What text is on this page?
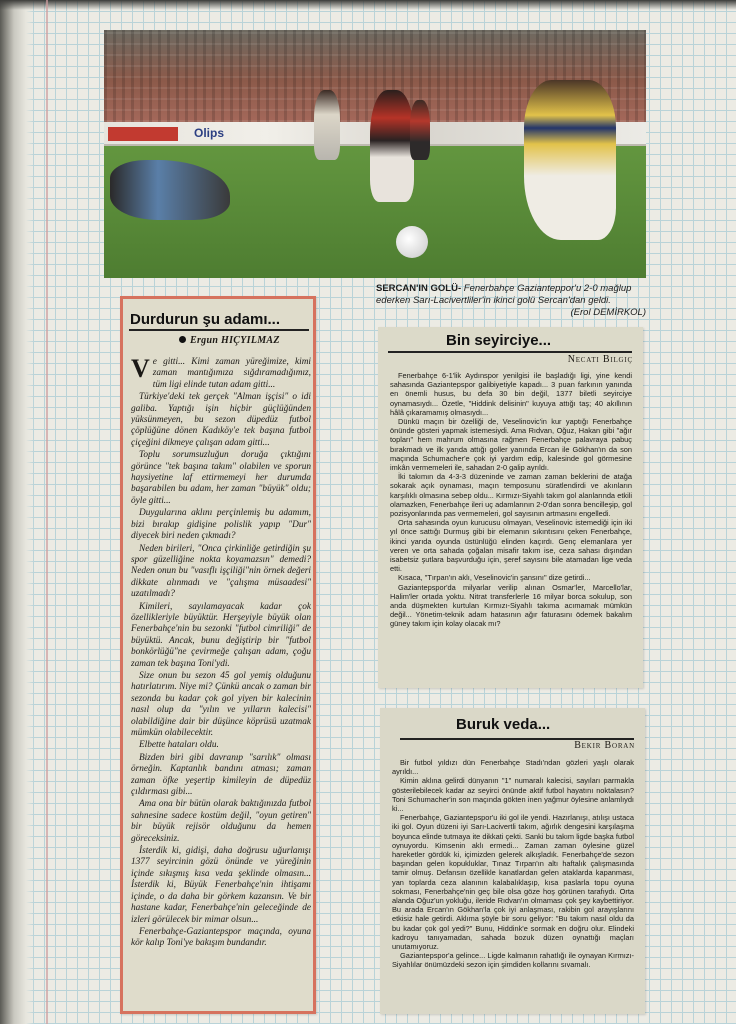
Olips
SERCAN'IN GOLÜ- Fenerbahçe Gazianteppor'u 2-0 mağlup ederken Sarı-Lacivertliler'in ikinci golü Sercan'dan geldi.
(Erol DEMİRKOL)
Durdurun şu adamı...
Ergun HIÇYILMAZ

Ve gitti... Kimi zaman yüreğimize, kimi zaman mantığımıza sığdıramadığımız, tüm ligi elinde tutan adam gitti...

Türkiye'deki tek gerçek "Alman işçisi" o idi galiba. Yaptığı işin hiçbir güçlüğünden yüksünmeyen, bu sezon düpedüz futbol çöplüğüne dönen Kadıköy'e tek başına futbol çiçeğini dikmeye çalışan adam gitti...

Toplu sorumsuzluğun doruğa çıktığını görünce "tek başına takım" olabilen ve sporun haysiyetine laf ettirmemeyi her durumda başarabilen bu adam, her zaman "büyük" oldu; öyle gitti...

Duygularına aklını perçinlemiş bu adamım, bizi bırakıp gidişine polislik yapıp "Dur" diyecek biri neden çıkmadı?

Neden birileri, "Onca çirkinliğe getirdiğin şu spor güzelliğine nokta koyamazsın" demedi? Neden onun bu "vasıflı işçiliği"nin örnek değeri dikkate alınmadı ve "çalışma müsaadesi" uzatılmadı?

Kimileri, sayılamayacak kadar çok özellikleriyle büyüktür. Herşeyiyle büyük olan Fenerbahçe'nin bu sezonki "futbol cimriliği" de büyüktü. Ancak, bunu değiştirip bir "futbol bonkörlüğü"ne çevirmeğe çalışan adam, çoğu zaman tek başına Toni'ydi.

Size onun bu sezon 45 gol yemiş olduğunu hatırlatırım. Niye mi? Çünkü ancak o zaman bir sezonda bu kadar çok gol yiyen bir kalecinin nasıl olup da "yılın ve yılların kalecisi" olabildiğine dair bir düşünce köprüsü uzatmak mümkün olabilecektir.

Elbette hataları oldu.

Bizden biri gibi davranıp "sarılık" olması örneğin. Kaptanlık bandını atması; zaman zaman öfke yeşertip kimileyin de düpedüz çıldırması gibi...

Ama ona bir bütün olarak baktığınızda futbol sahnesine sadece kostüm değil, "oyun getiren" bir büyük rejisör olduğunu da hemen göreceksiniz.

İsterdik ki, gidişi, daha doğrusu uğurlanışı 1377 seyircinin gözü önünde ve yüreğinin içinde sıkışmış kısa veda şeklinde olmasın... İsterdik ki, Büyük Fenerbahçe'nin ihtişamı içinde, o da daha bir görkem kazansın. Ve bir hastane kadar, Fenerbahçe'nin geleceğinde de izleri görülecek bir mimar olsun...

Fenerbahçe-Gaziantepspor maçında, oyuna kör kalıp Toni'ye bakışım bundandır.

Bin seyirciye...
Necati Bilgiç

Fenerbahçe 6-1'lik Aydınspor yenilgisi ile başladığı ligi, yine kendi sahasında Gaziantepspor galibiyetiyle kapadı... 3 puan farkının yanında en önemli husus, bu defa 30 bin değil, 1377 biletli seyirciye oynamasıydı... Özetle, "Hiddink delisinin" kuyuya attığı taş; 40 akıllının hâlâ çıkaramamış olmasıydı...

Dünkü maçın bir özelliği de, Veselinovic'in kur yaptığı Fenerbahçe önünde gösteri yapmak istemesiydi. Ama Rıdvan, Oğuz, Hakan gibi "ağır topları" hem mahrum olmasına rağmen Fenerbahçe palavraya pabuç bırakmadı ve ilk yarıda attığı goller yanında Ercan ile Gökhan'ın da son maçında Schumacher'e çok iyi yardım edip, kalesinde gol görmesine imkân vermemeleri ile, sahadan 2-0 galip ayrıldı.

İki takımın da 4-3-3 düzeninde ve zaman zaman beklerini de atağa sokarak açık oynaması, maçın temposunu süratlendirdi ve akınların karşılıklı olmasına sebep oldu... Kırmızı-Siyahlı takım gol alanlarında etkili olamazken, Fenerbahçe ileri uç adamlarının 2-0'dan sonra bencilleşip, gol pozisyonlarında pas vermemeleri, gol sayısının artmasını engelledi.

Orta sahasında oyun kurucusu olmayan, Veselinovic istemediği için iki yıl önce sattığı Durmuş gibi bir elemanın sıkıntısını çeken Fenerbahçe, ikinci yarıda oyunda üstünlüğü elinden kaçırdı. Genç elemanlara yer veren ve orta sahada çoğalan misafir takım ise, ceza sahası dışından isabetsiz şutlara başvurduğu için, şeref sayısını bile atamadan lige veda etti.

Kısaca, "Tırpan'ın aklı, Veselinovic'in şansını" dize getirdi...

Gaziantepspor'da milyarlar verilip alınan Osmar'ler, Marcello'lar, Halim'ler ortada yoktu. Nitrat transferlerle 16 milyar borca sokulup, son anda düşmekten kurtulan Kırmızı-Siyahlı takıma acımamak mümkün değil... Yönetim-teknik adam hatasının ağır faturasını ödemek bakalım güney takım için kolay olacak mı?

Buruk veda...
Bekir Boran

Bir futbol yıldızı dün Fenerbahçe Stadı'ndan gözleri yaşlı olarak ayrıldı...

Kimin aklına gelirdi dünyanın "1" numaralı kalecisi, sayıları parmakla gösterilebilecek kadar az seyirci önünde aktif futbol hayatını noktalasın? Toni Schumacher'in son maçında gökten inen yağmur öylesine anlamlıydı ki...

Fenerbahçe, Gaziantepspor'u iki gol ile yendi. Hazırlanışı, atılışı ustaca iki gol. Oyun düzeni iyi Sarı-Lacivertli takım, ağırlık dengesini karşılaşma boyunca elinde tutmaya ite dikkati çekti. Sanki bu takım ligde başka futbol oynuyordu. Kimsenin aklı ermedi... Zaman zaman öylesine güzel hareketler gördük ki, içimizden gelerek alkışladık. Fenerbahçe'de sezon başından gelen kopukluklar, Tınaz Tırpan'ın altı haftalık çalışmasında tamir olmuş. Defansın özellikle kanatlardan gelen ataklarda kapanması, yan toplarda ceza alanının kalabalıklaşıp, kısa paslarla topu oyuna sokması, Fenerbahçe'nin geç bile olsa göze hoş görünen tarafıydı. Orta alanda Oğuz'un yokluğu, ileride Rıdvan'ın olmaması çok şey kaybettiriyor. Bu arada Ercan'ın Gökhan'la çok iyi anlaşması, rakibin gol arayışlarını etkisiz hale getirdi. Aklıma şöyle bir soru geliyor: "Bu takım nasıl oldu da bu kadar çok gol yedi?" Bunu, Hiddink'e sormak en doğru olur. Elindeki kadroyu tanıyamadan, sahada bozuk düzen oynattığı maçları unutamıyoruz.

Gaziantepspor'a gelince... Ligde kalmanın rahatlığı ile oynayan Kırmızı-Siyahlılar önümüzdeki sezon için şimdiden kollarını sıvamalı.
